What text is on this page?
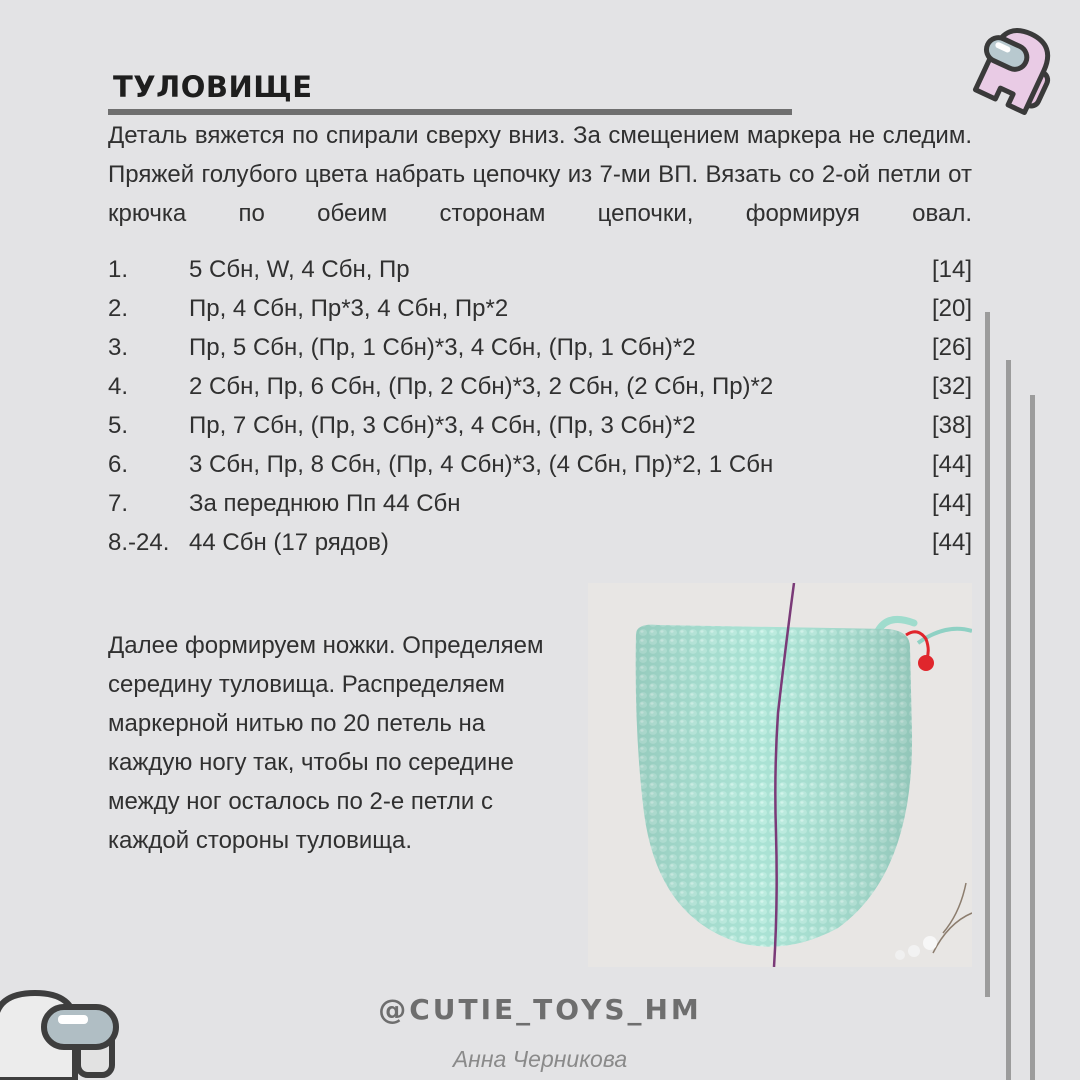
ТУЛОВИЩЕ
Деталь вяжется по спирали сверху вниз. За смещением маркера не следим. Пряжей голубого цвета набрать цепочку из 7-ми ВП. Вязать со 2-ой петли от крючка по обеим сторонам цепочки, формируя овал.
1.	5 Сбн, W, 4 Сбн, Пр	[14]
2.	Пр, 4 Сбн, Пр*3, 4 Сбн, Пр*2	[20]
3.	Пр, 5 Сбн, (Пр, 1 Сбн)*3, 4 Сбн, (Пр, 1 Сбн)*2	[26]
4.	2 Сбн, Пр, 6 Сбн, (Пр, 2 Сбн)*3, 2 Сбн, (2 Сбн, Пр)*2	[32]
5.	Пр, 7 Сбн, (Пр, 3 Сбн)*3, 4 Сбн, (Пр, 3 Сбн)*2	[38]
6.	3 Сбн, Пр, 8 Сбн, (Пр, 4 Сбн)*3, (4 Сбн, Пр)*2, 1 Сбн	[44]
7.	За переднюю Пп 44 Сбн	[44]
8.-24. 44 Сбн (17 рядов)	[44]
Далее формируем ножки. Определяем
середину туловища. Распределяем
маркерной нитью по 20 петель на
каждую ногу так, чтобы по середине
между ног осталось по 2-е петли с
каждой стороны туловища.
@CUTIE_TOYS_HM
Анна Черникова
